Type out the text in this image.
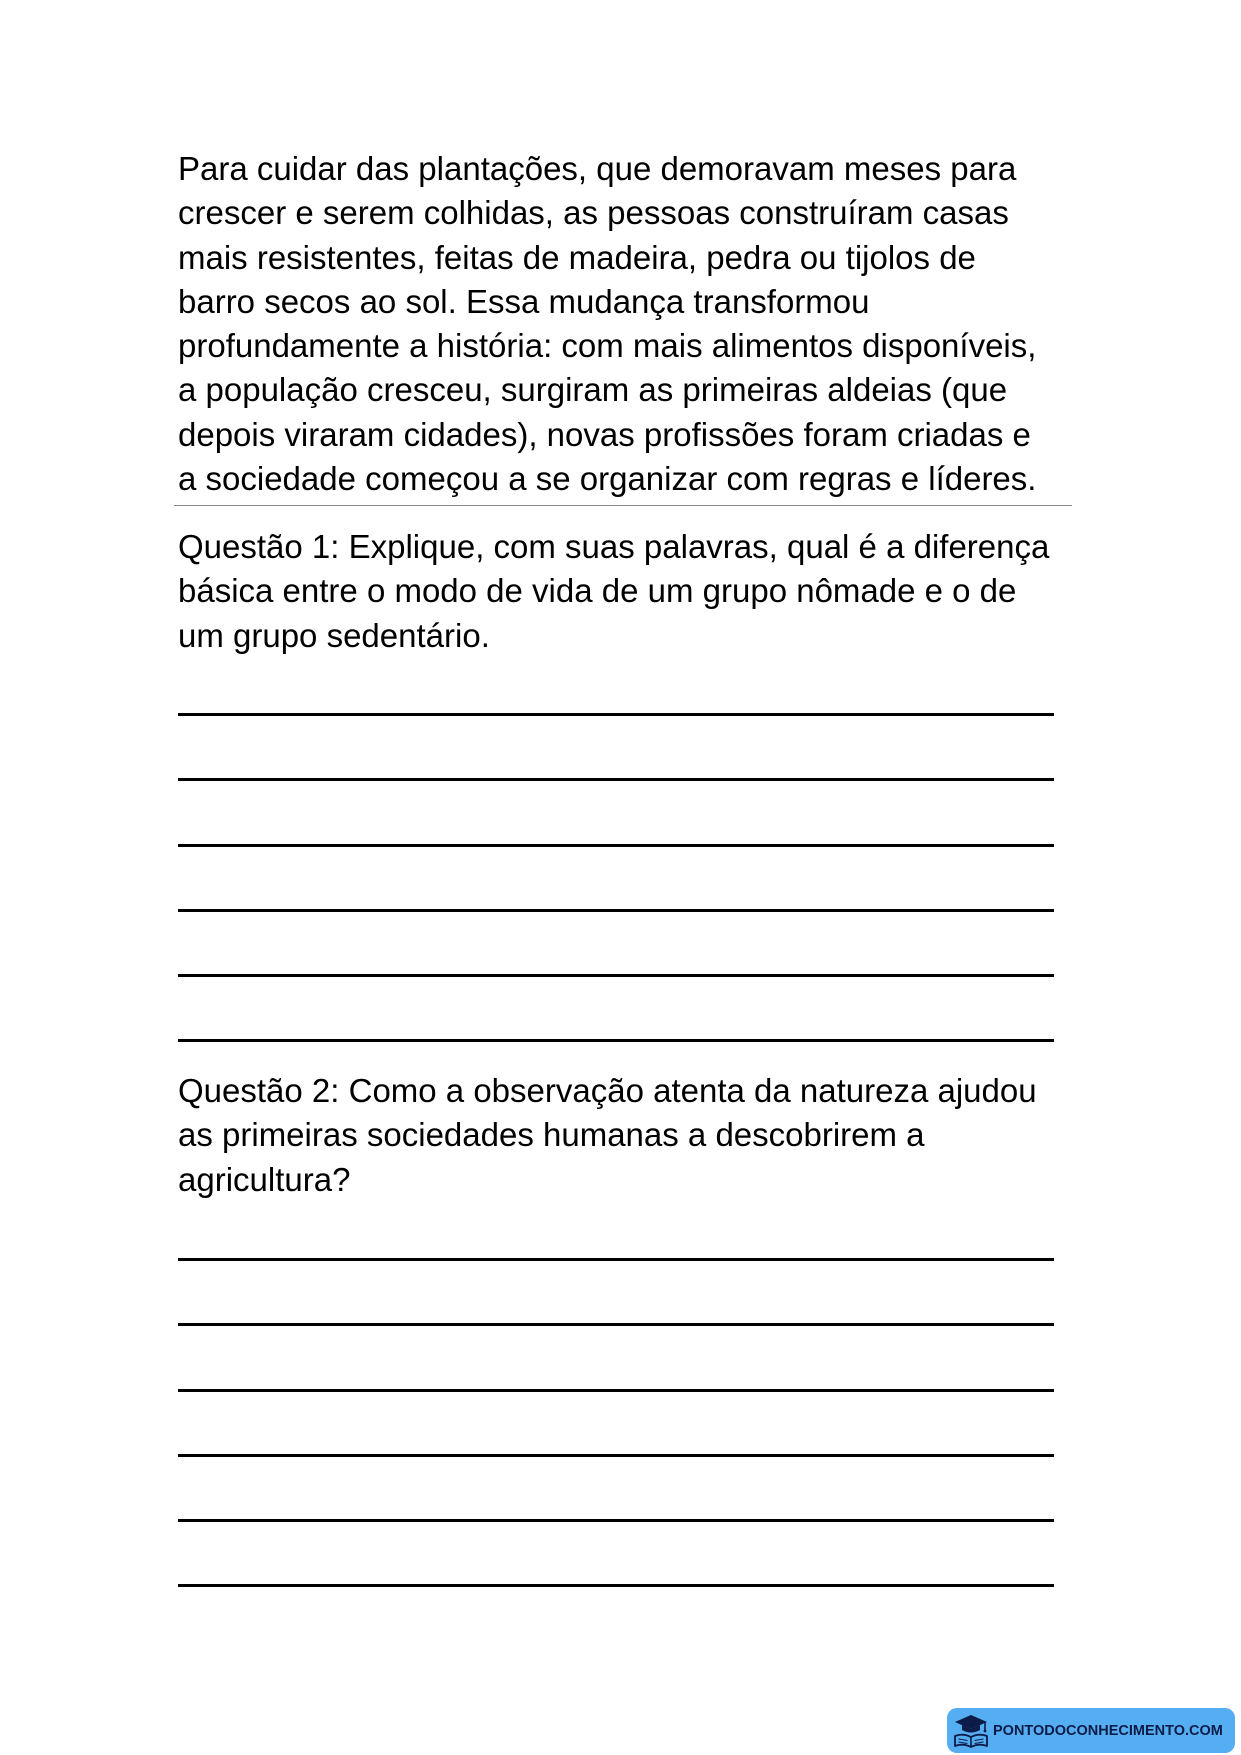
Para cuidar das plantações, que demoravam meses para
crescer e serem colhidas, as pessoas construíram casas
mais resistentes, feitas de madeira, pedra ou tijolos de
barro secos ao sol. Essa mudança transformou
profundamente a história: com mais alimentos disponíveis,
a população cresceu, surgiram as primeiras aldeias (que
depois viraram cidades), novas profissões foram criadas e
a sociedade começou a se organizar com regras e líderes.
Questão 1: Explique, com suas palavras, qual é a diferença
básica entre o modo de vida de um grupo nômade e o de
um grupo sedentário.
Questão 2: Como a observação atenta da natureza ajudou
as primeiras sociedades humanas a descobrirem a
agricultura?
PONTODOCONHECIMENTO.COM
